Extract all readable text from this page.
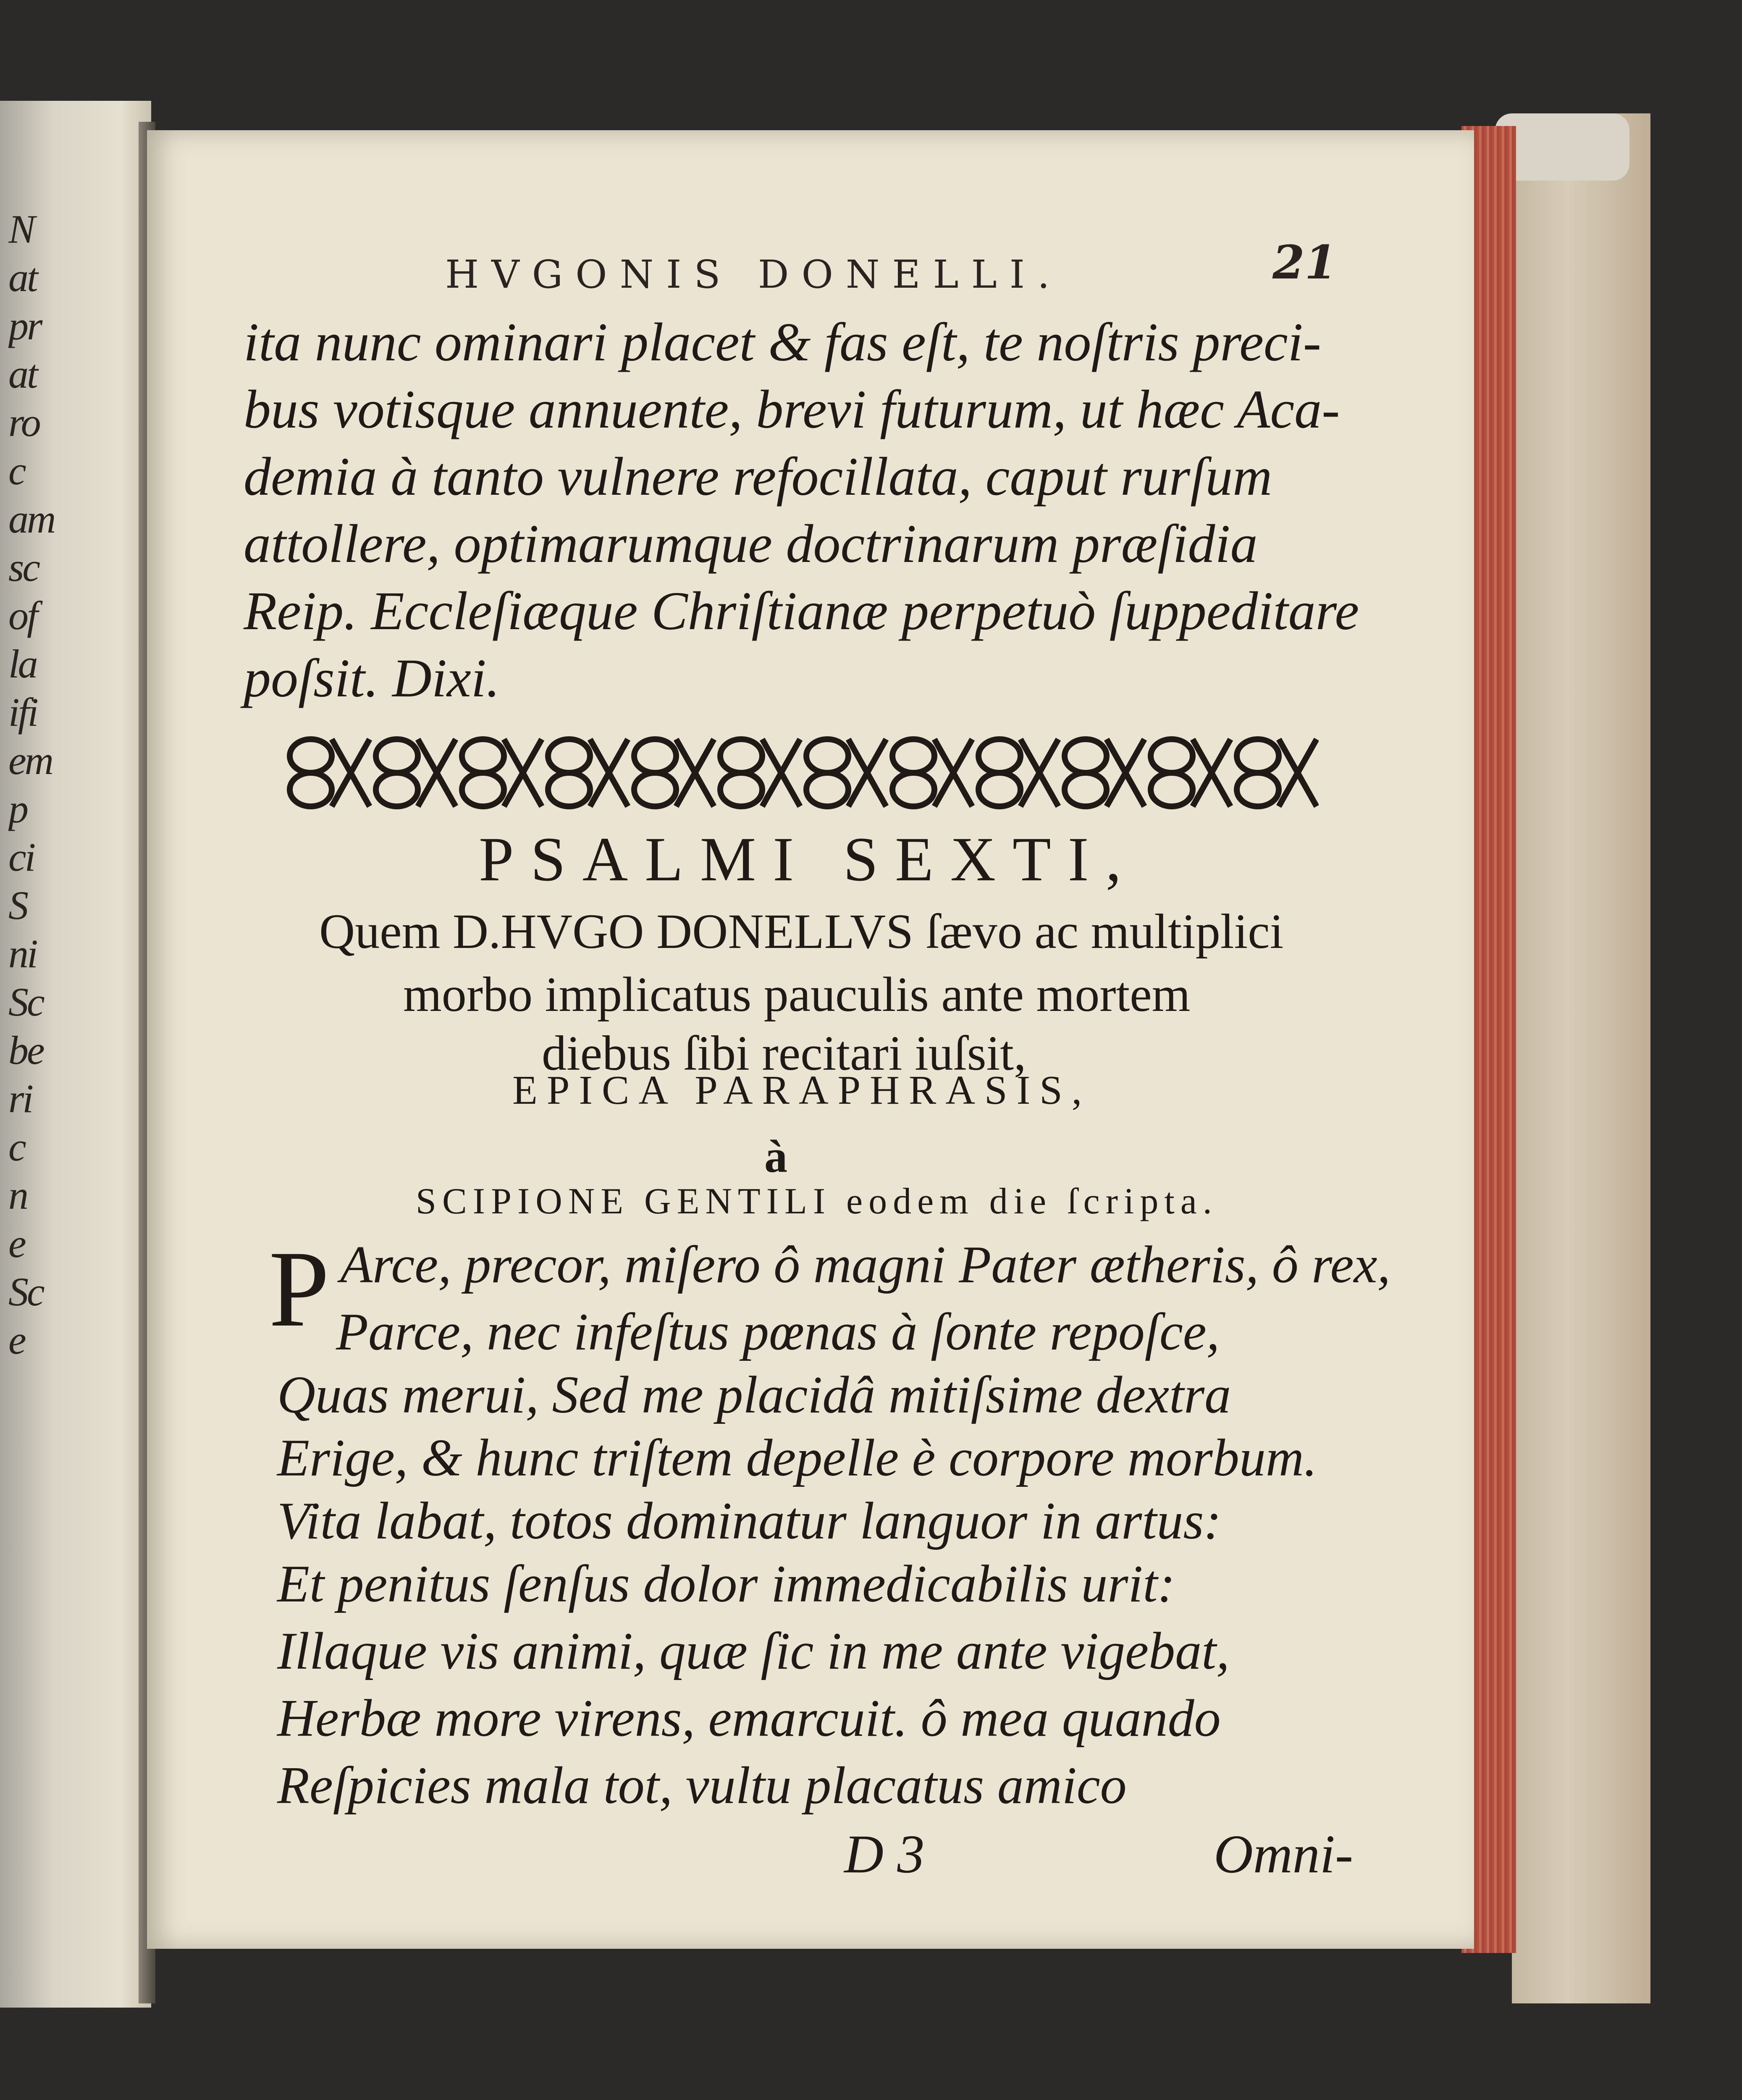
N
at
pr
at
ro
c
am
sc
of
la
ifi
em
p
ci
S
ni
Sc
be
ri
c
n
e
Sc
e
HVGONIS DONELLI.	21
ita nunc ominari placet & fas eſt, te noſtris preci-
bus votisque annuente, brevi futurum, ut hæc Aca-
demia à tanto vulnere refocillata, caput rurſum
attollere, optimarumque doctrinarum præſidia
Reip. Eccleſiæque Chriſtianæ perpetuò ſuppeditare
poſsit. Dixi.
PSALMI SEXTI,
Quem D.HVGO DONELLVS ſævo ac multiplici
morbo implicatus pauculis ante mortem
diebus ſibi recitari iuſsit,
EPICA PARAPHRASIS,
à
SCIPIONE GENTILI eodem die ſcripta.
P Arce, precor, miſero ô magni Pater ætheris, ô rex,
Parce, nec infeſtus pœnas à ſonte repoſce,
Quas merui, Sed me placidâ mitiſsime dextra
Erige, & hunc triſtem depelle è corpore morbum.
Vita labat, totos dominatur languor in artus:
Et penitus ſenſus dolor immedicabilis urit:
Illaque vis animi, quæ ſic in me ante vigebat,
Herbæ more virens, emarcuit. ô mea quando
Reſpicies mala tot, vultu placatus amico
D 3	Omni-
